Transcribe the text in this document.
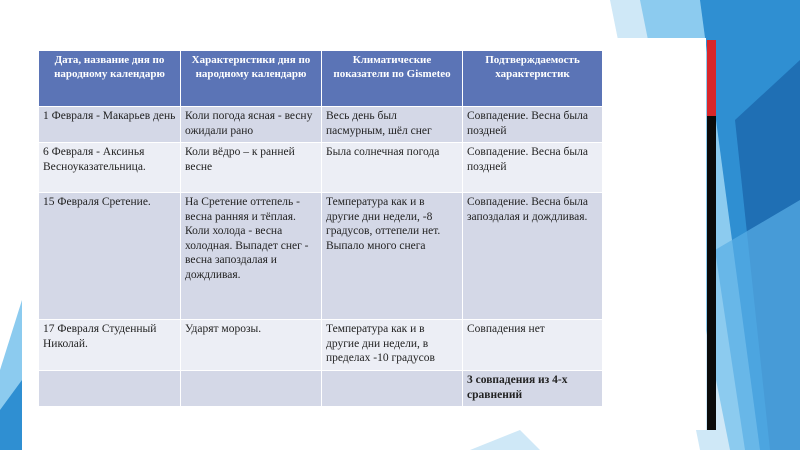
Дата, название дня по народному календарю	Характеристики дня по народному календарю	Климатические показатели по Gismeteo	Подтверждаемость характеристик
1 Февраля - Макарьев день	Коли погода ясная - весну ожидали рано	Весь день был пасмурным, шёл снег	Совпадение. Весна была поздней
6 Февраля - Аксинья Весноуказательница.	Коли вёдро – к ранней весне	Была солнечная погода	Совпадение. Весна была поздней
15 Февраля Сретение.	На Сретение оттепель - весна ранняя и тёплая. Коли холода - весна холодная. Выпадет снег - весна запоздалая и дождливая.	Температура как и в другие дни недели, -8 градусов, оттепели нет. Выпало много снега	Совпадение. Весна была запоздалая и дождливая.
17 Февраля Студенный Николай.	Ударят морозы.	Температура как и в другие дни недели, в пределах -10 градусов	Совпадения нет
			3 совпадения из 4-х сравнений
